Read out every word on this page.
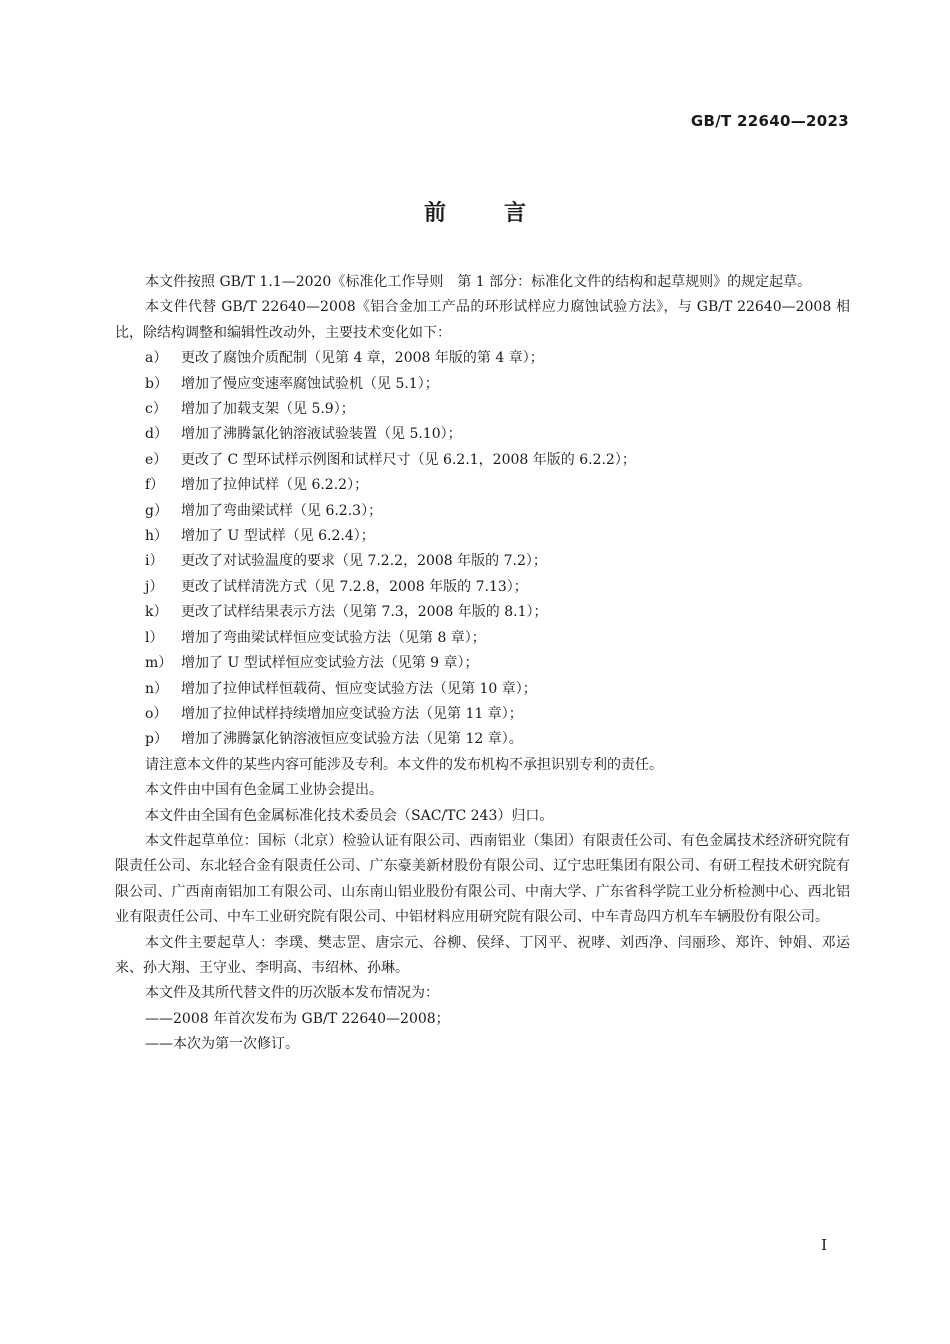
GB/T 22640—2023
前言

本文件按照 GB/T 1.1—2020《标准化工作导则　第 1 部分：标准化文件的结构和起草规则》的规定起草。

本文件代替 GB/T 22640—2008《铝合金加工产品的环形试样应力腐蚀试验方法》，与 GB/T 22640—2008 相比，除结构调整和编辑性改动外，主要技术变化如下：

a） 更改了腐蚀介质配制（见第 4 章，2008 年版的第 4 章）；
b） 增加了慢应变速率腐蚀试验机（见 5.1）；
c）	增加了加载支架（见 5.9）；
d） 增加了沸腾氯化钠溶液试验装置（见 5.10）；
e） 更改了 C 型环试样示例图和试样尺寸（见 6.2.1，2008 年版的 6.2.2）；
f）	增加了拉伸试样（见 6.2.2）；
g） 增加了弯曲梁试样（见 6.2.3）；
h） 增加了 U 型试样（见 6.2.4）；
i）	更改了对试验温度的要求（见 7.2.2，2008 年版的 7.2）；
j）	更改了试样清洗方式（见 7.2.8，2008 年版的 7.13）；
k） 更改了试样结果表示方法（见第 7.3，2008 年版的 8.1）；
l）	增加了弯曲梁试样恒应变试验方法（见第 8 章）；
m） 增加了 U 型试样恒应变试验方法（见第 9 章）；
n） 增加了拉伸试样恒载荷、恒应变试验方法（见第 10 章）；
o） 增加了拉伸试样持续增加应变试验方法（见第 11 章）；
p） 增加了沸腾氯化钠溶液恒应变试验方法（见第 12 章）。

请注意本文件的某些内容可能涉及专利。本文件的发布机构不承担识别专利的责任。

本文件由中国有色金属工业协会提出。

本文件由全国有色金属标准化技术委员会（SAC/TC 243）归口。

本文件起草单位：国标（北京）检验认证有限公司、西南铝业（集团）有限责任公司、有色金属技术经济研究院有限责任公司、东北轻合金有限责任公司、广东豪美新材股份有限公司、辽宁忠旺集团有限公司、有研工程技术研究院有限公司、广西南南铝加工有限公司、山东南山铝业股份有限公司、中南大学、广东省科学院工业分析检测中心、西北铝业有限责任公司、中车工业研究院有限公司、中铝材料应用研究院有限公司、中车青岛四方机车车辆股份有限公司。

本文件主要起草人：李璞、樊志罡、唐宗元、谷柳、侯绎、丁冈平、祝哮、刘西净、闫丽珍、郑许、钟娟、邓运来、孙大翔、王守业、李明高、韦绍林、孙琳。

本文件及其所代替文件的历次版本发布情况为：

——2008 年首次发布为 GB/T 22640—2008；

——本次为第一次修订。

I
